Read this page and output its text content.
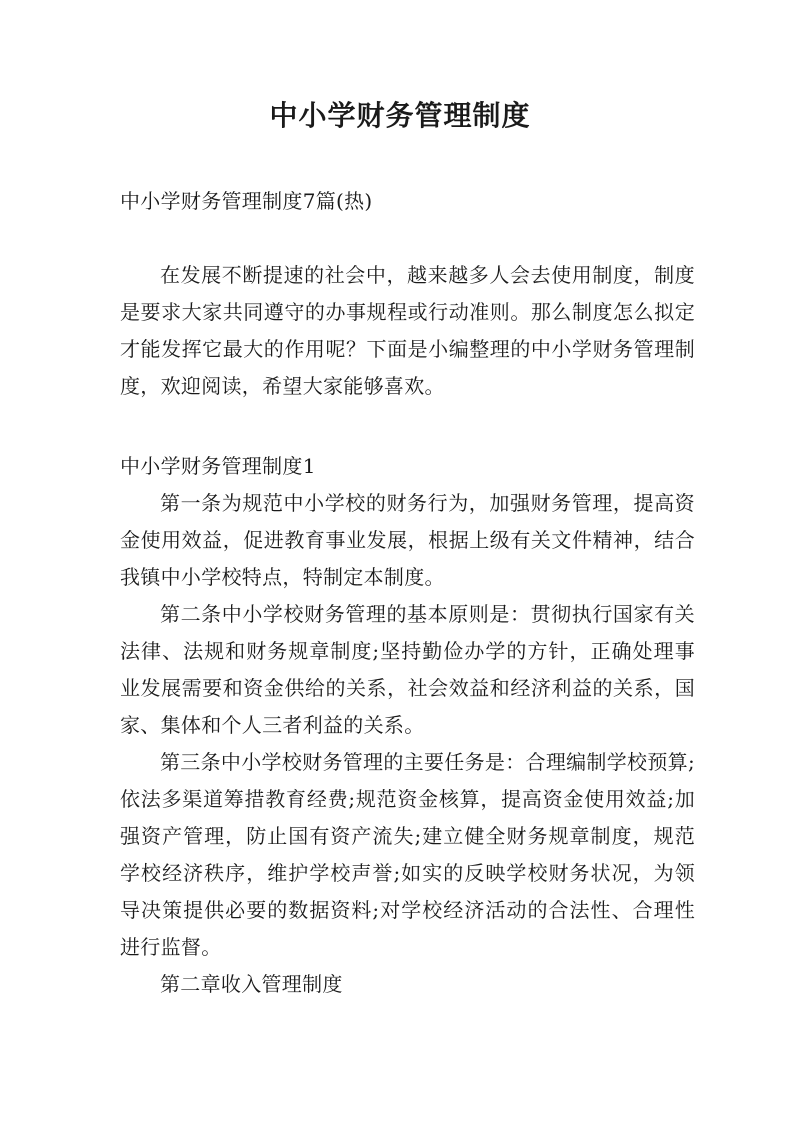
中小学财务管理制度
中小学财务管理制度7篇(热)

在发展不断提速的社会中，越来越多人会去使用制度，制度是要求大家共同遵守的办事规程或行动准则。那么制度怎么拟定才能发挥它最大的作用呢？下面是小编整理的中小学财务管理制度，欢迎阅读，希望大家能够喜欢。

中小学财务管理制度1

第一条为规范中小学校的财务行为，加强财务管理，提高资金使用效益，促进教育事业发展，根据上级有关文件精神，结合我镇中小学校特点，特制定本制度。

第二条中小学校财务管理的基本原则是：贯彻执行国家有关法律、法规和财务规章制度;坚持勤俭办学的方针，正确处理事业发展需要和资金供给的关系，社会效益和经济利益的关系，国家、集体和个人三者利益的关系。

第三条中小学校财务管理的主要任务是：合理编制学校预算;依法多渠道筹措教育经费;规范资金核算，提高资金使用效益;加强资产管理，防止国有资产流失;建立健全财务规章制度，规范学校经济秩序，维护学校声誉;如实的反映学校财务状况，为领导决策提供必要的数据资料;对学校经济活动的合法性、合理性进行监督。

第二章收入管理制度
